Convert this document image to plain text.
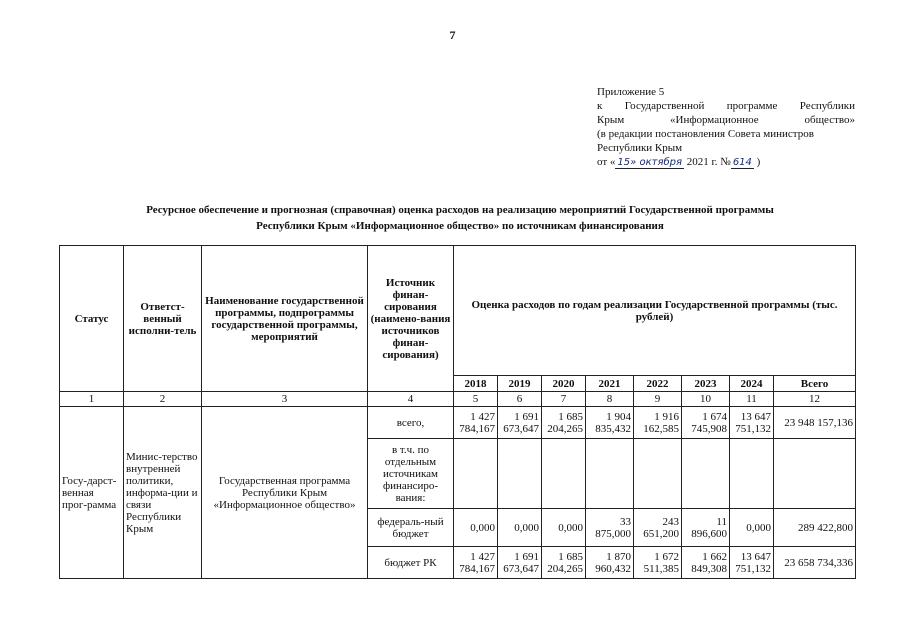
7
Приложение 5
к Государственной программе Республики
Крым «Информационное общество»
(в редакции постановления Совета министров
Республики Крым
от « 15» октября 2021 г. № 614 )
Ресурсное обеспечение и прогнозная (справочная) оценка расходов на реализацию мероприятий Государственной программы
Республики Крым «Информационное общество» по источникам финансирования
Статус	Ответст-венный исполни-тель	Наименование государственной программы, подпрограммы государственной программы, мероприятий	Источник финан-сирования (наимено-вания источников финан-сирования)	Оценка расходов по годам реализации Государственной программы (тыс. рублей)							
				2018	2019	2020	2021	2022	2023	2024	Всего
1	2	3	4	5	6	7	8	9	10	11	12
Госу-дарст-венная прог-рамма	Минис-терство внутренней политики, информа-ции и связи Республики Крым	Государственная программа Республики Крым «Информационное общество»	всего,	1 427 784,167	1 691 673,647	1 685 204,265	1 904 835,432	1 916 162,585	1 674 745,908	13 647 751,132	23 948 157,136
			в т.ч. по отдельным источникам финансиро-вания:								
			федераль-ный бюджет	0,000	0,000	0,000	33 875,000	243 651,200	11 896,600	0,000	289 422,800
			бюджет РК	1 427 784,167	1 691 673,647	1 685 204,265	1 870 960,432	1 672 511,385	1 662 849,308	13 647 751,132	23 658 734,336
